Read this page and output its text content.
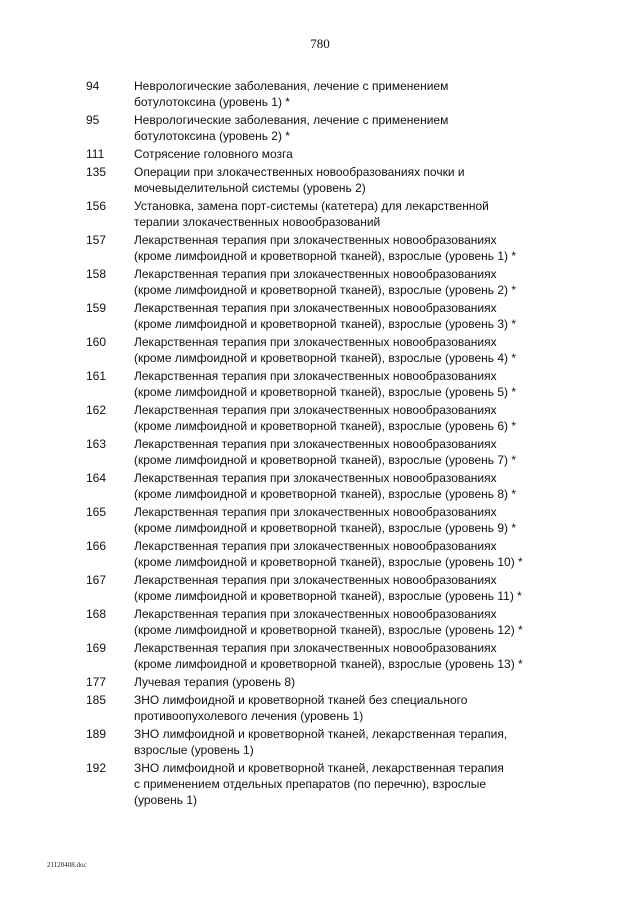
780
94	Неврологические заболевания, лечение с применением
ботулотоксина (уровень 1) *
95	Неврологические заболевания, лечение с применением
ботулотоксина (уровень 2) *
111	Сотрясение головного мозга
135	Операции при злокачественных новообразованиях почки и
мочевыделительной системы (уровень 2)
156	Установка, замена порт-системы (катетера) для лекарственной
терапии злокачественных новообразований
157	Лекарственная терапия при злокачественных новообразованиях
(кроме лимфоидной и кроветворной тканей), взрослые (уровень 1) *
158	Лекарственная терапия при злокачественных новообразованиях
(кроме лимфоидной и кроветворной тканей), взрослые (уровень 2) *
159	Лекарственная терапия при злокачественных новообразованиях
(кроме лимфоидной и кроветворной тканей), взрослые (уровень 3) *
160	Лекарственная терапия при злокачественных новообразованиях
(кроме лимфоидной и кроветворной тканей), взрослые (уровень 4) *
161	Лекарственная терапия при злокачественных новообразованиях
(кроме лимфоидной и кроветворной тканей), взрослые (уровень 5) *
162	Лекарственная терапия при злокачественных новообразованиях
(кроме лимфоидной и кроветворной тканей), взрослые (уровень 6) *
163	Лекарственная терапия при злокачественных новообразованиях
(кроме лимфоидной и кроветворной тканей), взрослые (уровень 7) *
164	Лекарственная терапия при злокачественных новообразованиях
(кроме лимфоидной и кроветворной тканей), взрослые (уровень 8) *
165	Лекарственная терапия при злокачественных новообразованиях
(кроме лимфоидной и кроветворной тканей), взрослые (уровень 9) *
166	Лекарственная терапия при злокачественных новообразованиях
(кроме лимфоидной и кроветворной тканей), взрослые (уровень 10) *
167	Лекарственная терапия при злокачественных новообразованиях
(кроме лимфоидной и кроветворной тканей), взрослые (уровень 11) *
168	Лекарственная терапия при злокачественных новообразованиях
(кроме лимфоидной и кроветворной тканей), взрослые (уровень 12) *
169	Лекарственная терапия при злокачественных новообразованиях
(кроме лимфоидной и кроветворной тканей), взрослые (уровень 13) *
177	Лучевая терапия (уровень 8)
185	ЗНО лимфоидной и кроветворной тканей без специального
противоопухолевого лечения (уровень 1)
189	ЗНО лимфоидной и кроветворной тканей, лекарственная терапия,
взрослые (уровень 1)
192	ЗНО лимфоидной и кроветворной тканей, лекарственная терапия
с применением отдельных препаратов (по перечню), взрослые
(уровень 1)
21120408.doc
